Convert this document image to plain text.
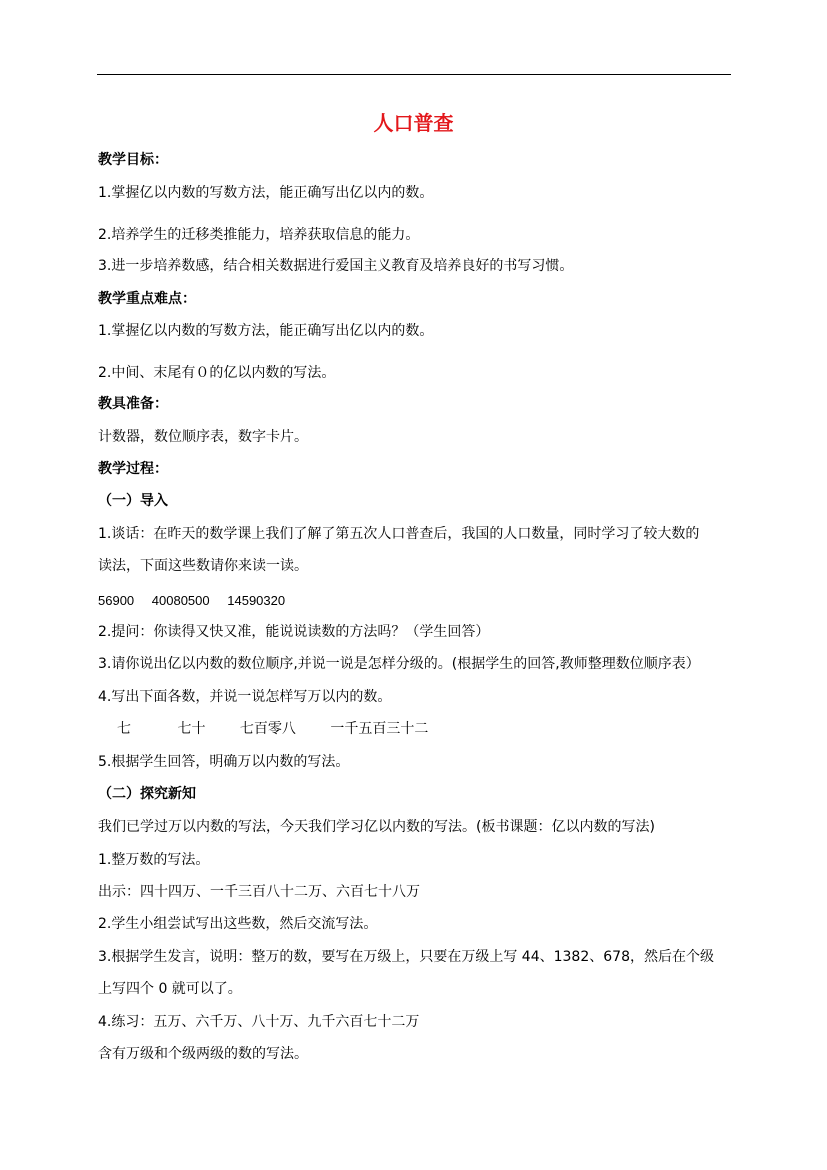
人口普查
教学目标：
1.掌握亿以内数的写数方法，能正确写出亿以内的数。
2.培养学生的迁移类推能力，培养获取信息的能力。
3.进一步培养数感，结合相关数据进行爱国主义教育及培养良好的书写习惯。
教学重点难点：
1.掌握亿以内数的写数方法，能正确写出亿以内的数。
2.中间、末尾有０的亿以内数的写法。
教具准备：
计数器，数位顺序表，数字卡片。
教学过程：
（一）导入
1.谈话：在昨天的数学课上我们了解了第五次人口普查后，我国的人口数量，同时学习了较大数的
读法，下面这些数请你来读一读。
56900 40080500 14590320
2.提问：你读得又快又准，能说说读数的方法吗？（学生回答）
3.请你说出亿以内数的数位顺序,并说一说是怎样分级的。(根据学生的回答,教师整理数位顺序表）
4.写出下面各数，并说一说怎样写万以内的数。
七	七十 七百零八 一千五百三十二
5.根据学生回答，明确万以内数的写法。
（二）探究新知
我们已学过万以内数的写法，今天我们学习亿以内数的写法。(板书课题：亿以内数的写法)
1.整万数的写法。
出示：四十四万、一千三百八十二万、六百七十八万
2.学生小组尝试写出这些数，然后交流写法。
3.根据学生发言，说明：整万的数，要写在万级上，只要在万级上写 44、1382、678，然后在个级
上写四个 0 就可以了。
4.练习：五万、六千万、八十万、九千六百七十二万
含有万级和个级两级的数的写法。
